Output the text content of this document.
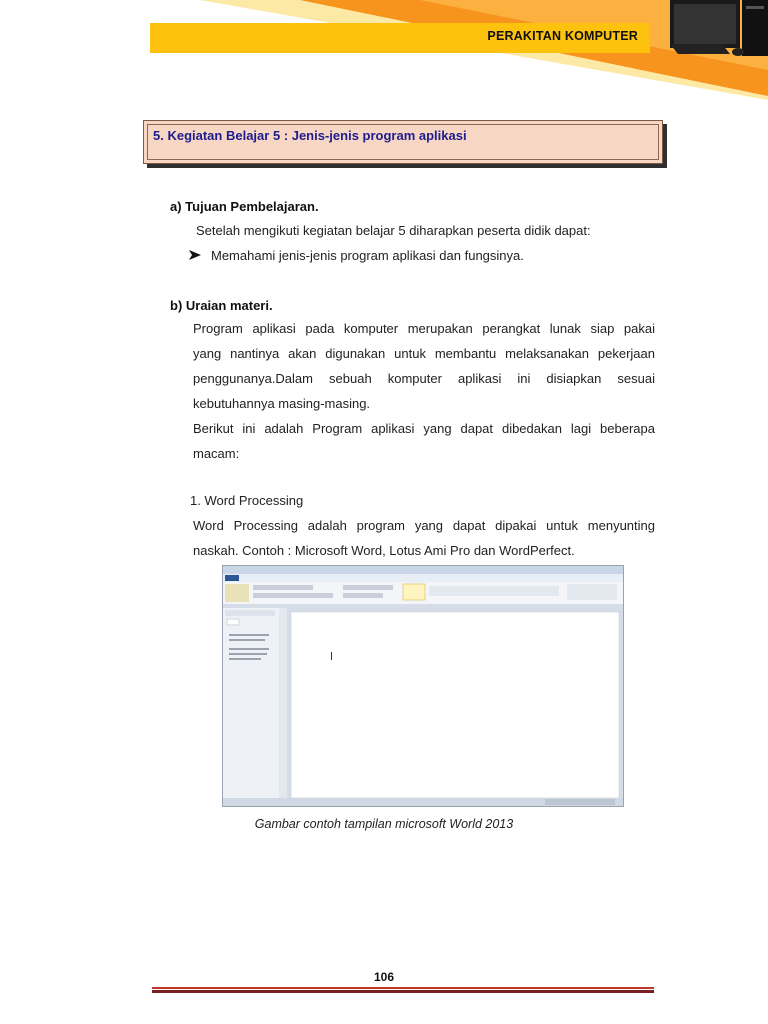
PERAKITAN KOMPUTER
5. Kegiatan Belajar 5 : Jenis-jenis program aplikasi
a) Tujuan Pembelajaran.
Setelah mengikuti kegiatan belajar 5 diharapkan peserta didik dapat:
Memahami jenis-jenis program aplikasi dan fungsinya.
b) Uraian materi.
Program aplikasi pada komputer merupakan perangkat lunak siap pakai
yang nantinya akan digunakan untuk membantu melaksanakan pekerjaan
penggunanya.Dalam sebuah komputer aplikasi ini disiapkan sesuai
kebutuhannya masing-masing.
Berikut ini adalah Program aplikasi yang dapat dibedakan lagi beberapa
macam:
1. Word Processing
Word Processing adalah program yang dapat dipakai untuk menyunting
naskah. Contoh : Microsoft Word, Lotus Ami Pro dan WordPerfect.
Gambar contoh tampilan microsoft World 2013
106
